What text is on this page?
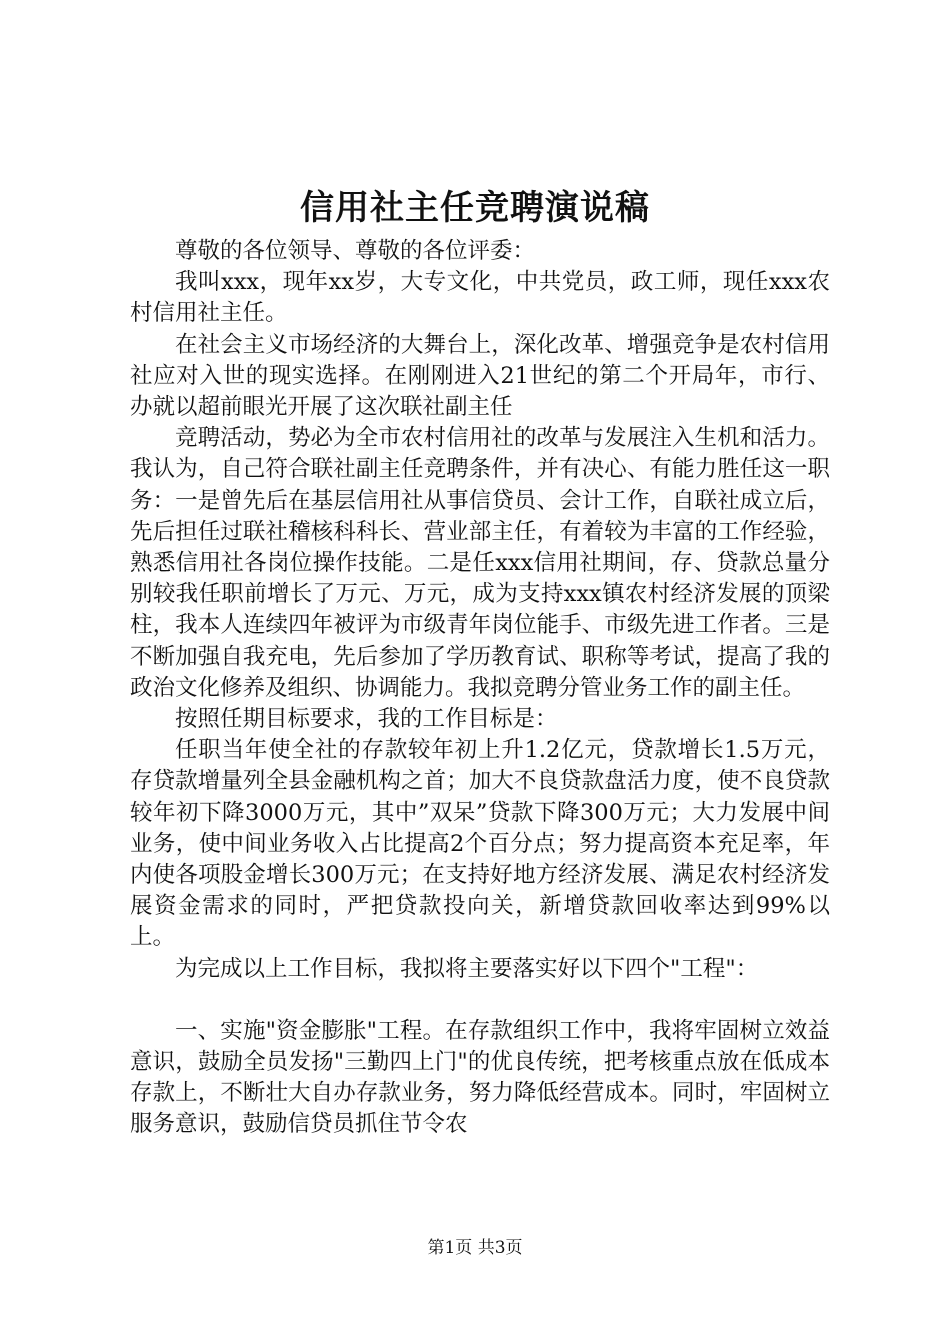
信用社主任竞聘演说稿

尊敬的各位领导、尊敬的各位评委：

我叫xxx，现年xx岁，大专文化，中共党员，政工师，现任xxx农村信用社主任。

在社会主义市场经济的大舞台上，深化改革、增强竞争是农村信用社应对入世的现实选择。在刚刚进入21世纪的第二个开局年，市行、办就以超前眼光开展了这次联社副主任

竞聘活动，势必为全市农村信用社的改革与发展注入生机和活力。我认为，自己符合联社副主任竞聘条件，并有决心、有能力胜任这一职务：一是曾先后在基层信用社从事信贷员、会计工作，自联社成立后，先后担任过联社稽核科科长、营业部主任，有着较为丰富的工作经验，熟悉信用社各岗位操作技能。二是任xxx信用社期间，存、贷款总量分别较我任职前增长了万元、万元，成为支持xxx镇农村经济发展的顶梁柱，我本人连续四年被评为市级青年岗位能手、市级先进工作者。三是不断加强自我充电，先后参加了学历教育试、职称等考试，提高了我的政治文化修养及组织、协调能力。我拟竞聘分管业务工作的副主任。

按照任期目标要求，我的工作目标是：

任职当年使全社的存款较年初上升1.2亿元，贷款增长1.5万元，存贷款增量列全县金融机构之首；加大不良贷款盘活力度，使不良贷款较年初下降3000万元，其中”双呆”贷款下降300万元；大力发展中间业务，使中间业务收入占比提高2个百分点；努力提高资本充足率，年内使各项股金增长300万元；在支持好地方经济发展、满足农村经济发展资金需求的同时，严把贷款投向关，新增贷款回收率达到99%以上。

为完成以上工作目标，我拟将主要落实好以下四个"工程"：

一、实施"资金膨胀"工程。在存款组织工作中，我将牢固树立效益意识，鼓励全员发扬"三勤四上门"的优良传统，把考核重点放在低成本存款上，不断壮大自办存款业务，努力降低经营成本。同时，牢固树立服务意识，鼓励信贷员抓住节令农

第1页 共3页
